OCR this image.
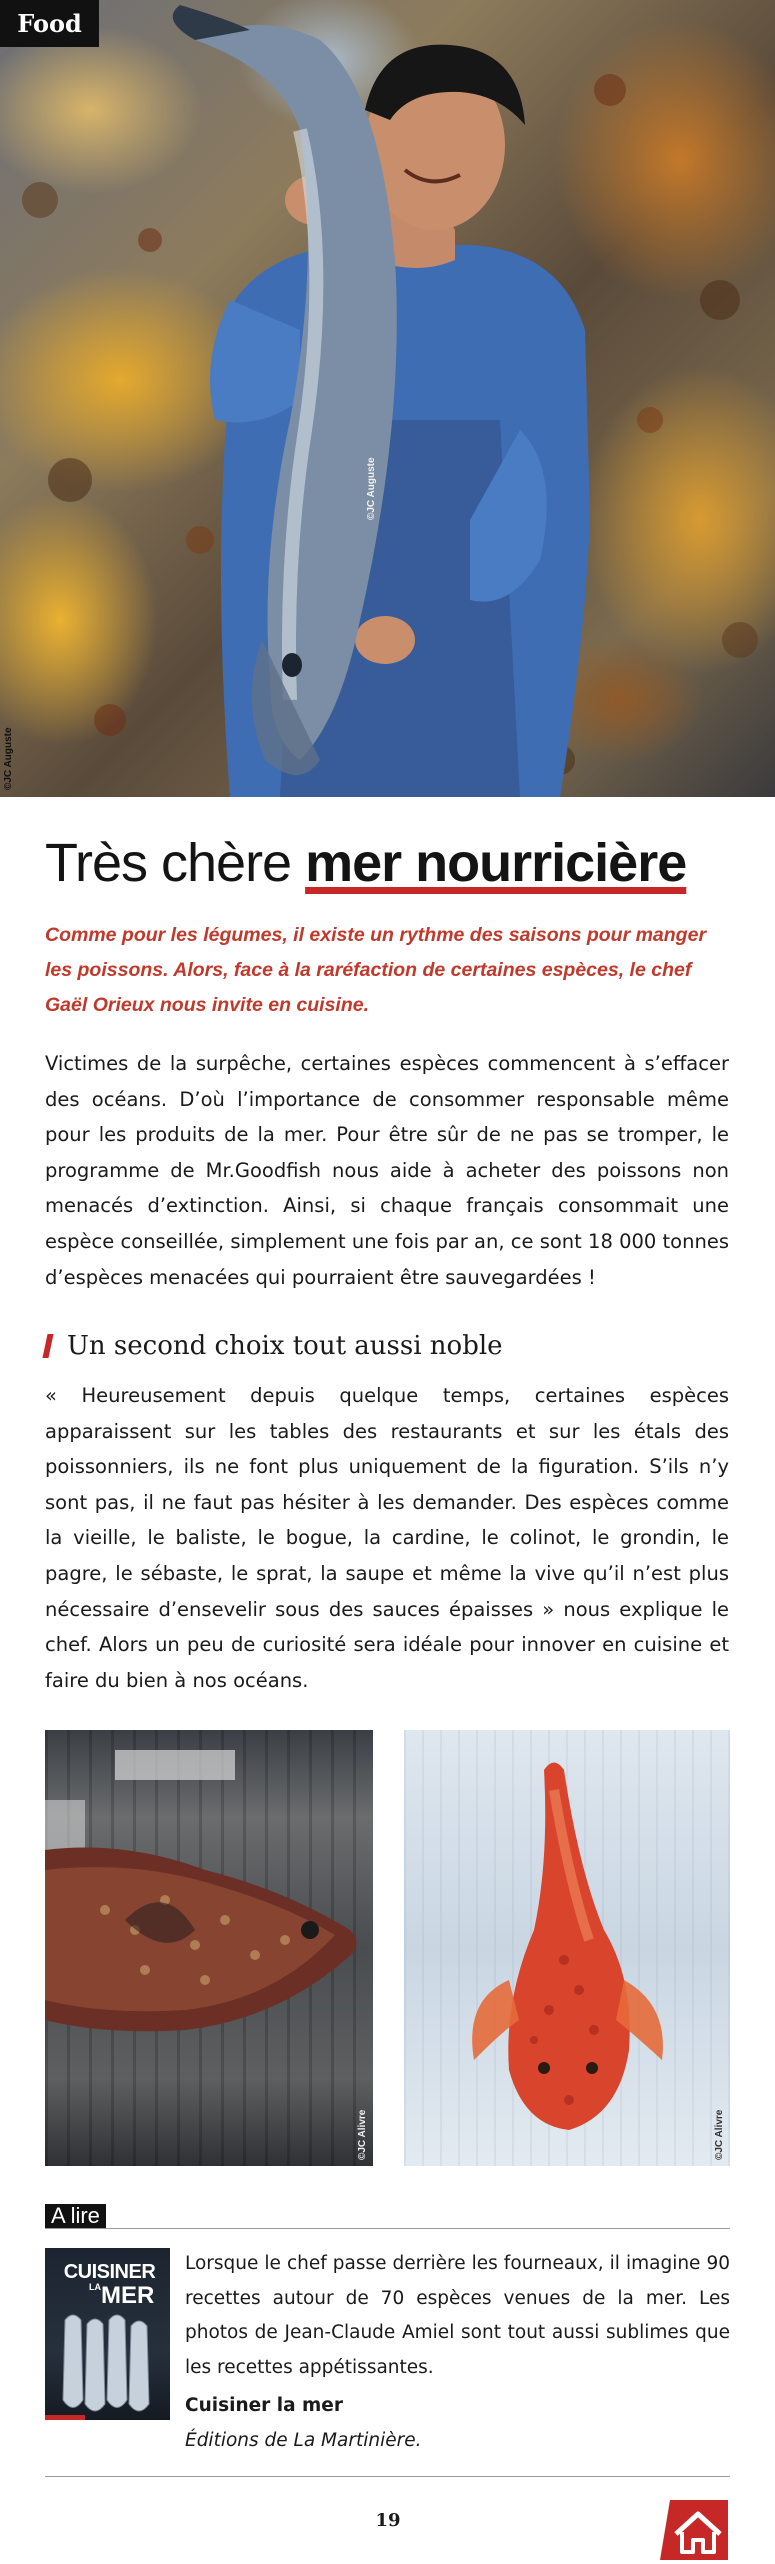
Food
©JC Auguste
©JC Auguste
Très chère mer nourricière

Comme pour les légumes, il existe un rythme des saisons pour manger les poissons. Alors, face à la raréfaction de certaines espèces, le chef Gaël Orieux nous invite en cuisine.

Victimes de la surpêche, certaines espèces commencent à s’effacer des océans. D’où l’importance de consommer responsable même pour les produits de la mer. Pour être sûr de ne pas se tromper, le programme de Mr.Goodfish nous aide à acheter des poissons non menacés d’extinction. Ainsi, si chaque français consommait une espèce conseillée, simplement une fois par an, ce sont 18 000 tonnes d’espèces menacées qui pourraient être sauvegardées !

Un second choix tout aussi noble

« Heureusement depuis quelque temps, certaines espèces apparaissent sur les tables des restaurants et sur les étals des poissonniers, ils ne font plus uniquement de la figuration. S’ils n’y sont pas, il ne faut pas hésiter à les demander. Des espèces comme la vieille, le baliste, le bogue, la cardine, le colinot, le grondin, le pagre, le sébaste, le sprat, la saupe et même la vive qu’il n’est plus nécessaire d’ensevelir sous des sauces épaisses » nous explique le chef. Alors un peu de curiosité sera idéale pour innover en cuisine et faire du bien à nos océans.

©JC Alivre	©JC Alivre
A lire
CUISINER
LA MER

Lorsque le chef passe derrière les fourneaux, il imagine 90 recettes autour de 70 espèces venues de la mer. Les photos de Jean-Claude Amiel sont tout aussi sublimes que les recettes appétissantes.

Cuisiner la mer

Éditions de La Martinière.

19
